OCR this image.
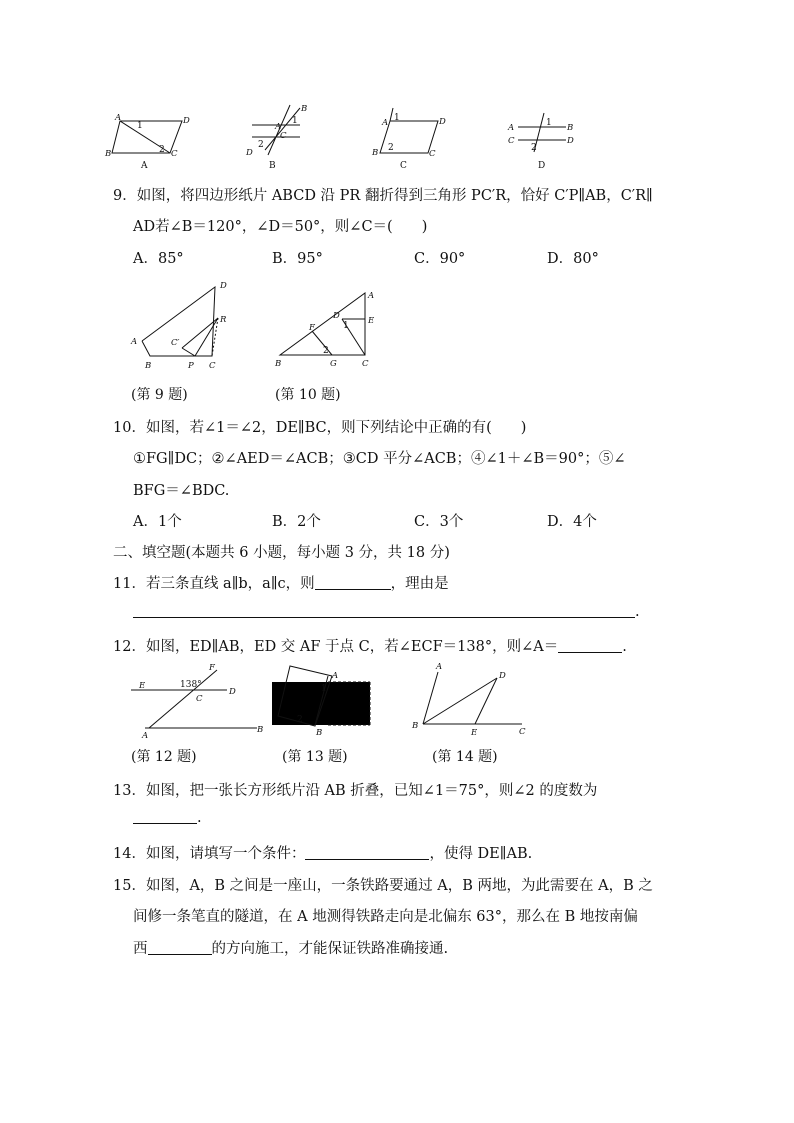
A	D
B	C
1
2
A
B
D
C
A
1
2
B
A	D
B	C
1
2
C
A	B
C	D
1
2
D
9．如图，将四边形纸片 ABCD 沿 PR 翻折得到三角形 PC′R，恰好 C′P∥AB，C′R∥
AD若∠B＝120°，∠D＝50°，则∠C＝(　　)
A．85°	B．95°	C．90°	D．80°
A
D
R
C′
B	P C
A
D	E
F
B	G	C
1
2
(第 9 题)	(第 10 题)
10．如图，若∠1＝∠2，DE∥BC，则下列结论中正确的有(　　)
①FG∥DC；②∠AED＝∠ACB；③CD 平分∠ACB；④∠1＋∠B＝90°；⑤∠
BFG＝∠BDC.
A．1个	B．2个	C．3个	D．4个
二、填空题(本题共 6 小题，每小题 3 分，共 18 分)
11．若三条直线 a∥b，a∥c，则	，理由是
.
12．如图，ED∥AB，ED 交 AF 于点 C，若∠ECF＝138°，则∠A＝	.
E
D
F
C
A
B
138°
A
B
1
2
A
D
B
E	C
(第 12 题)	(第 13 题)	(第 14 题)
13．如图，把一张长方形纸片沿 AB 折叠，已知∠1＝75°，则∠2 的度数为
.
14．如图，请填写一个条件：	，使得 DE∥AB.
15．如图，A，B 之间是一座山，一条铁路要通过 A，B 两地，为此需要在 A，B 之
间修一条笔直的隧道，在 A 地测得铁路走向是北偏东 63°，那么在 B 地按南偏
西	的方向施工，才能保证铁路准确接通.
